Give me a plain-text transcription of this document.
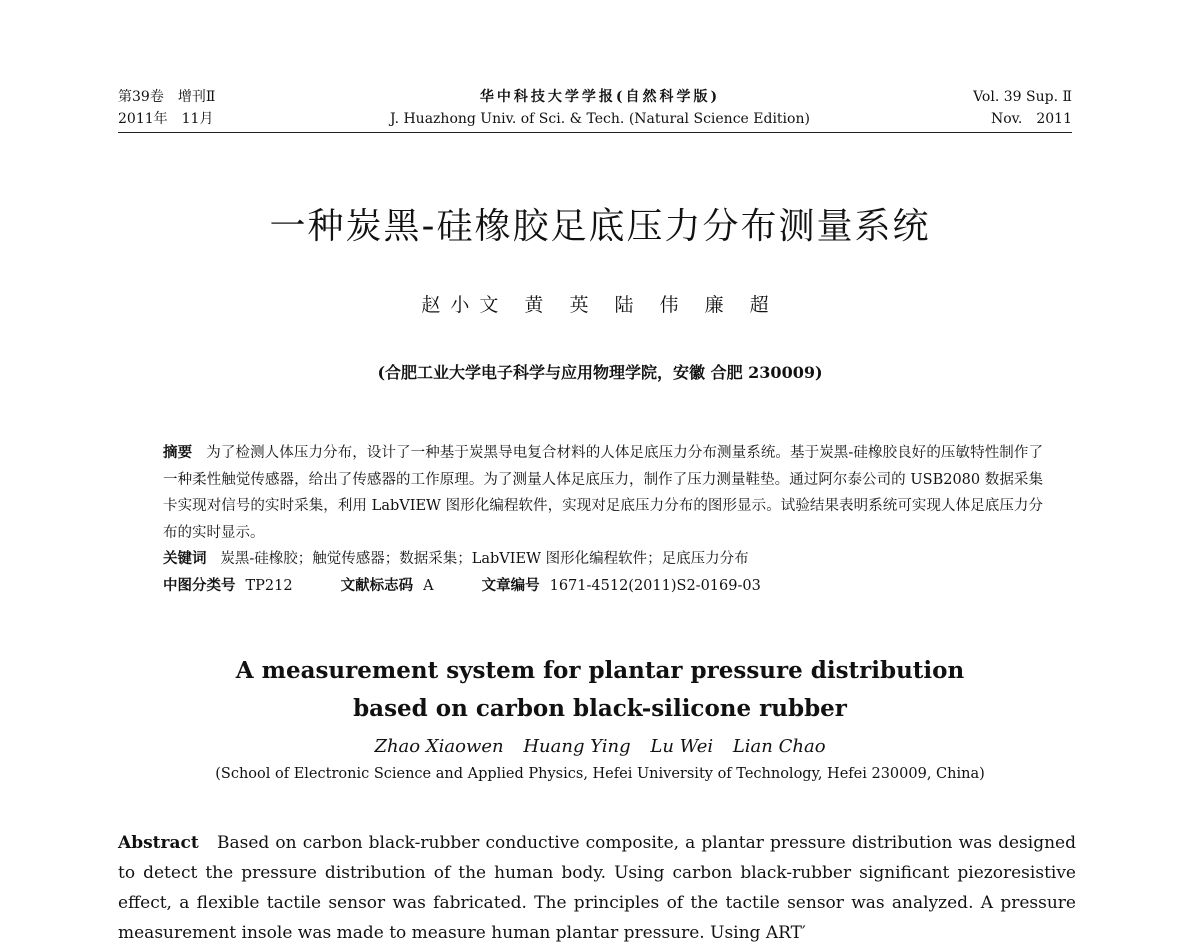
第39卷　增刊Ⅱ
2011年　11月
华中科技大学学报(自然科学版)
J. Huazhong Univ. of Sci. & Tech. (Natural Science Edition)
Vol. 39 Sup. Ⅱ
Nov.　2011
一种炭黑-硅橡胶足底压力分布测量系统
赵小文 黄 英 陆 伟 廉 超
(合肥工业大学电子科学与应用物理学院，安徽 合肥 230009)

摘要 为了检测人体压力分布，设计了一种基于炭黑导电复合材料的人体足底压力分布测量系统。基于炭黑-硅橡胶良好的压敏特性制作了一种柔性触觉传感器，给出了传感器的工作原理。为了测量人体足底压力，制作了压力测量鞋垫。通过阿尔泰公司的 USB2080 数据采集卡实现对信号的实时采集，利用 LabVIEW 图形化编程软件，实现对足底压力分布的图形显示。试验结果表明系统可实现人体足底压力分布的实时显示。

关键词 炭黑-硅橡胶；触觉传感器；数据采集；LabVIEW 图形化编程软件；足底压力分布

中图分类号 TP212	文献标志码 A	文章编号 1671-4512(2011)S2-0169-03

A measurement system for plantar pressure distribution
based on carbon black-silicone rubber
Zhao Xiaowen Huang Ying Lu Wei Lian Chao
(School of Electronic Science and Applied Physics, Hefei University of Technology, Hefei 230009, China)

Abstract Based on carbon black-rubber conductive composite, a plantar pressure distribution was designed to detect the pressure distribution of the human body. Using carbon black-rubber significant piezoresistive effect, a flexible tactile sensor was fabricated. The principles of the tactile sensor was analyzed. A pressure measurement insole was made to measure human plantar pressure. Using ART′
